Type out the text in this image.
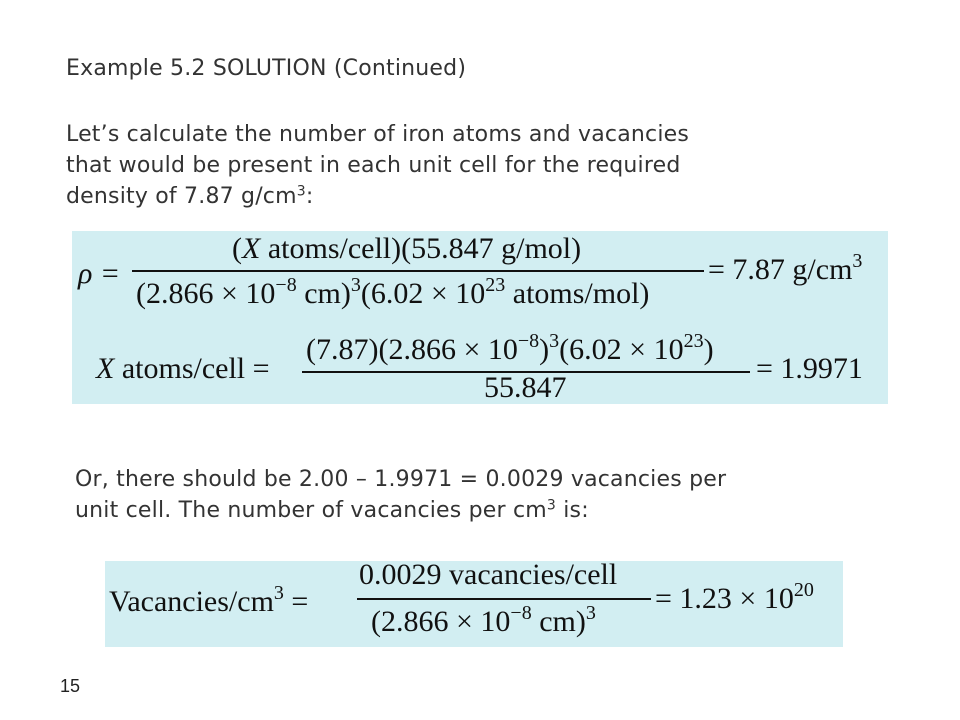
Example 5.2 SOLUTION (Continued)
Let’s calculate the number of iron atoms and vacancies
that would be present in each unit cell for the required
density of 7.87 $g/cm^3$:
ρ =
(X atoms/cell)(55.847 g/mol)
($2.866 \times 10^{-8}$ $cm)^3(6.02 \times 10^{23}$ atoms/mol)
= 7.87 $g/cm^3$
X atoms/cell =
$(7.87)(2.866 \times 10^{-8})^3(6.02 \times 10^{23})$
55.847
= 1.9971
Or, there should be 2.00 – 1.9971 = 0.0029 vacancies per
unit cell. The number of vacancies per $cm^3$ is:
Vacancies/$cm^3$ =
0.0029 vacancies/cell
($2.866 \times 10^{-8}$ $cm)^3 = 1.23 \times 10^{20}$
15
